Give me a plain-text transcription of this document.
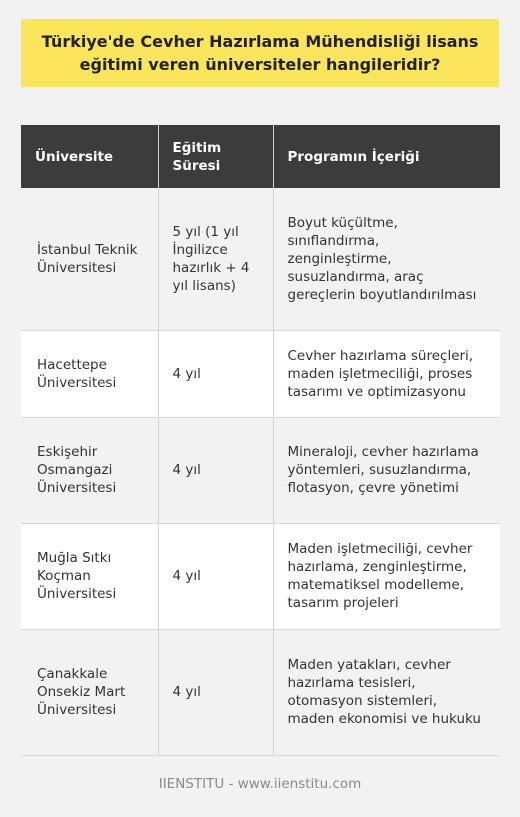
Türkiye'de Cevher Hazırlama Mühendisliği lisans eğitimi veren üniversiteler hangileridir?
Üniversite	Eğitim Süresi	Programın İçeriği
İstanbul Teknik Üniversitesi	5 yıl (1 yıl İngilizce hazırlık + 4 yıl lisans)	Boyut küçültme, sınıflandırma, zenginleştirme, susuzlandırma, araç gereçlerin boyutlandırılması
Hacettepe Üniversitesi	4 yıl	Cevher hazırlama süreçleri, maden işletmeciliği, proses tasarımı ve optimizasyonu
Eskişehir Osmangazi Üniversitesi	4 yıl	Mineraloji, cevher hazırlama yöntemleri, susuzlandırma, flotasyon, çevre yönetimi
Muğla Sıtkı Koçman Üniversitesi	4 yıl	Maden işletmeciliği, cevher hazırlama, zenginleştirme, matematiksel modelleme, tasarım projeleri
Çanakkale Onsekiz Mart Üniversitesi	4 yıl	Maden yatakları, cevher hazırlama tesisleri, otomasyon sistemleri, maden ekonomisi ve hukuku
IIENSTITU - www.iienstitu.com
